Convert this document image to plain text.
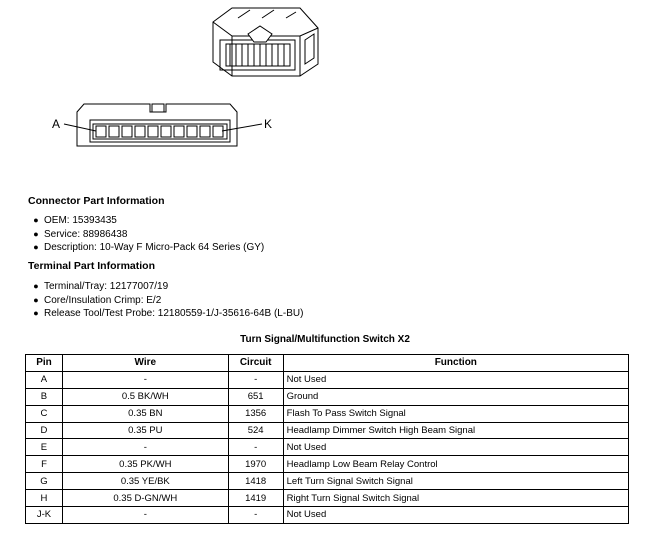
A	K
Connector Part Information
● OEM: 15393435
● Service: 88986438
● Description: 10-Way F Micro-Pack 64 Series (GY)
Terminal Part Information
● Terminal/Tray: 12177007/19
● Core/Insulation Crimp: E/2
● Release Tool/Test Probe: 12180559-1/J-35616-64B (L-BU)
Turn Signal/Multifunction Switch X2
Pin	Wire	Circuit	Function
A	-	-	Not Used
B	0.5 BK/WH	651	Ground
C	0.35 BN	1356	Flash To Pass Switch Signal
D	0.35 PU	524	Headlamp Dimmer Switch High Beam Signal
E	-	-	Not Used
F	0.35 PK/WH	1970	Headlamp Low Beam Relay Control
G	0.35 YE/BK	1418	Left Turn Signal Switch Signal
H	0.35 D-GN/WH	1419	Right Turn Signal Switch Signal
J-K	-	-	Not Used
